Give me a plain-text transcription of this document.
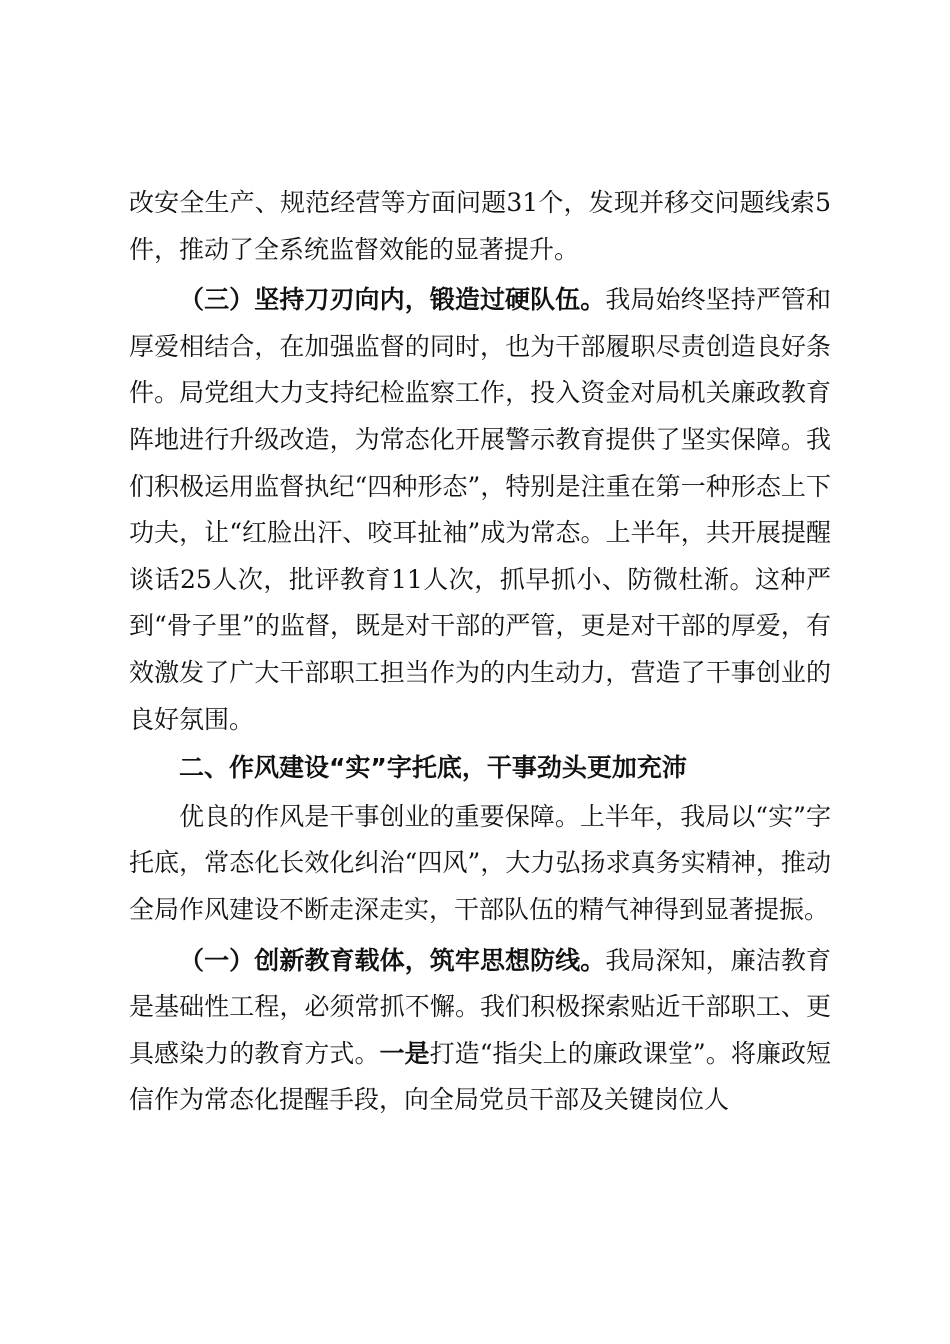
改安全生产、规范经营等方面问题31个，发现并移交问题线索5件，推动了全系统监督效能的显著提升。

（三）坚持刀刃向内，锻造过硬队伍。我局始终坚持严管和厚爱相结合，在加强监督的同时，也为干部履职尽责创造良好条件。局党组大力支持纪检监察工作，投入资金对局机关廉政教育阵地进行升级改造，为常态化开展警示教育提供了坚实保障。我们积极运用监督执纪“四种形态”，特别是注重在第一种形态上下功夫，让“红脸出汗、咬耳扯袖”成为常态。上半年，共开展提醒谈话25人次，批评教育11人次，抓早抓小、防微杜渐。这种严到“骨子里”的监督，既是对干部的严管，更是对干部的厚爱，有效激发了广大干部职工担当作为的内生动力，营造了干事创业的良好氛围。

二、作风建设“实”字托底，干事劲头更加充沛

优良的作风是干事创业的重要保障。上半年，我局以“实”字托底，常态化长效化纠治“四风”，大力弘扬求真务实精神，推动全局作风建设不断走深走实，干部队伍的精气神得到显著提振。

（一）创新教育载体，筑牢思想防线。我局深知，廉洁教育是基础性工程，必须常抓不懈。我们积极探索贴近干部职工、更具感染力的教育方式。一是打造“指尖上的廉政课堂”。将廉政短信作为常态化提醒手段，向全局党员干部及关键岗位人
